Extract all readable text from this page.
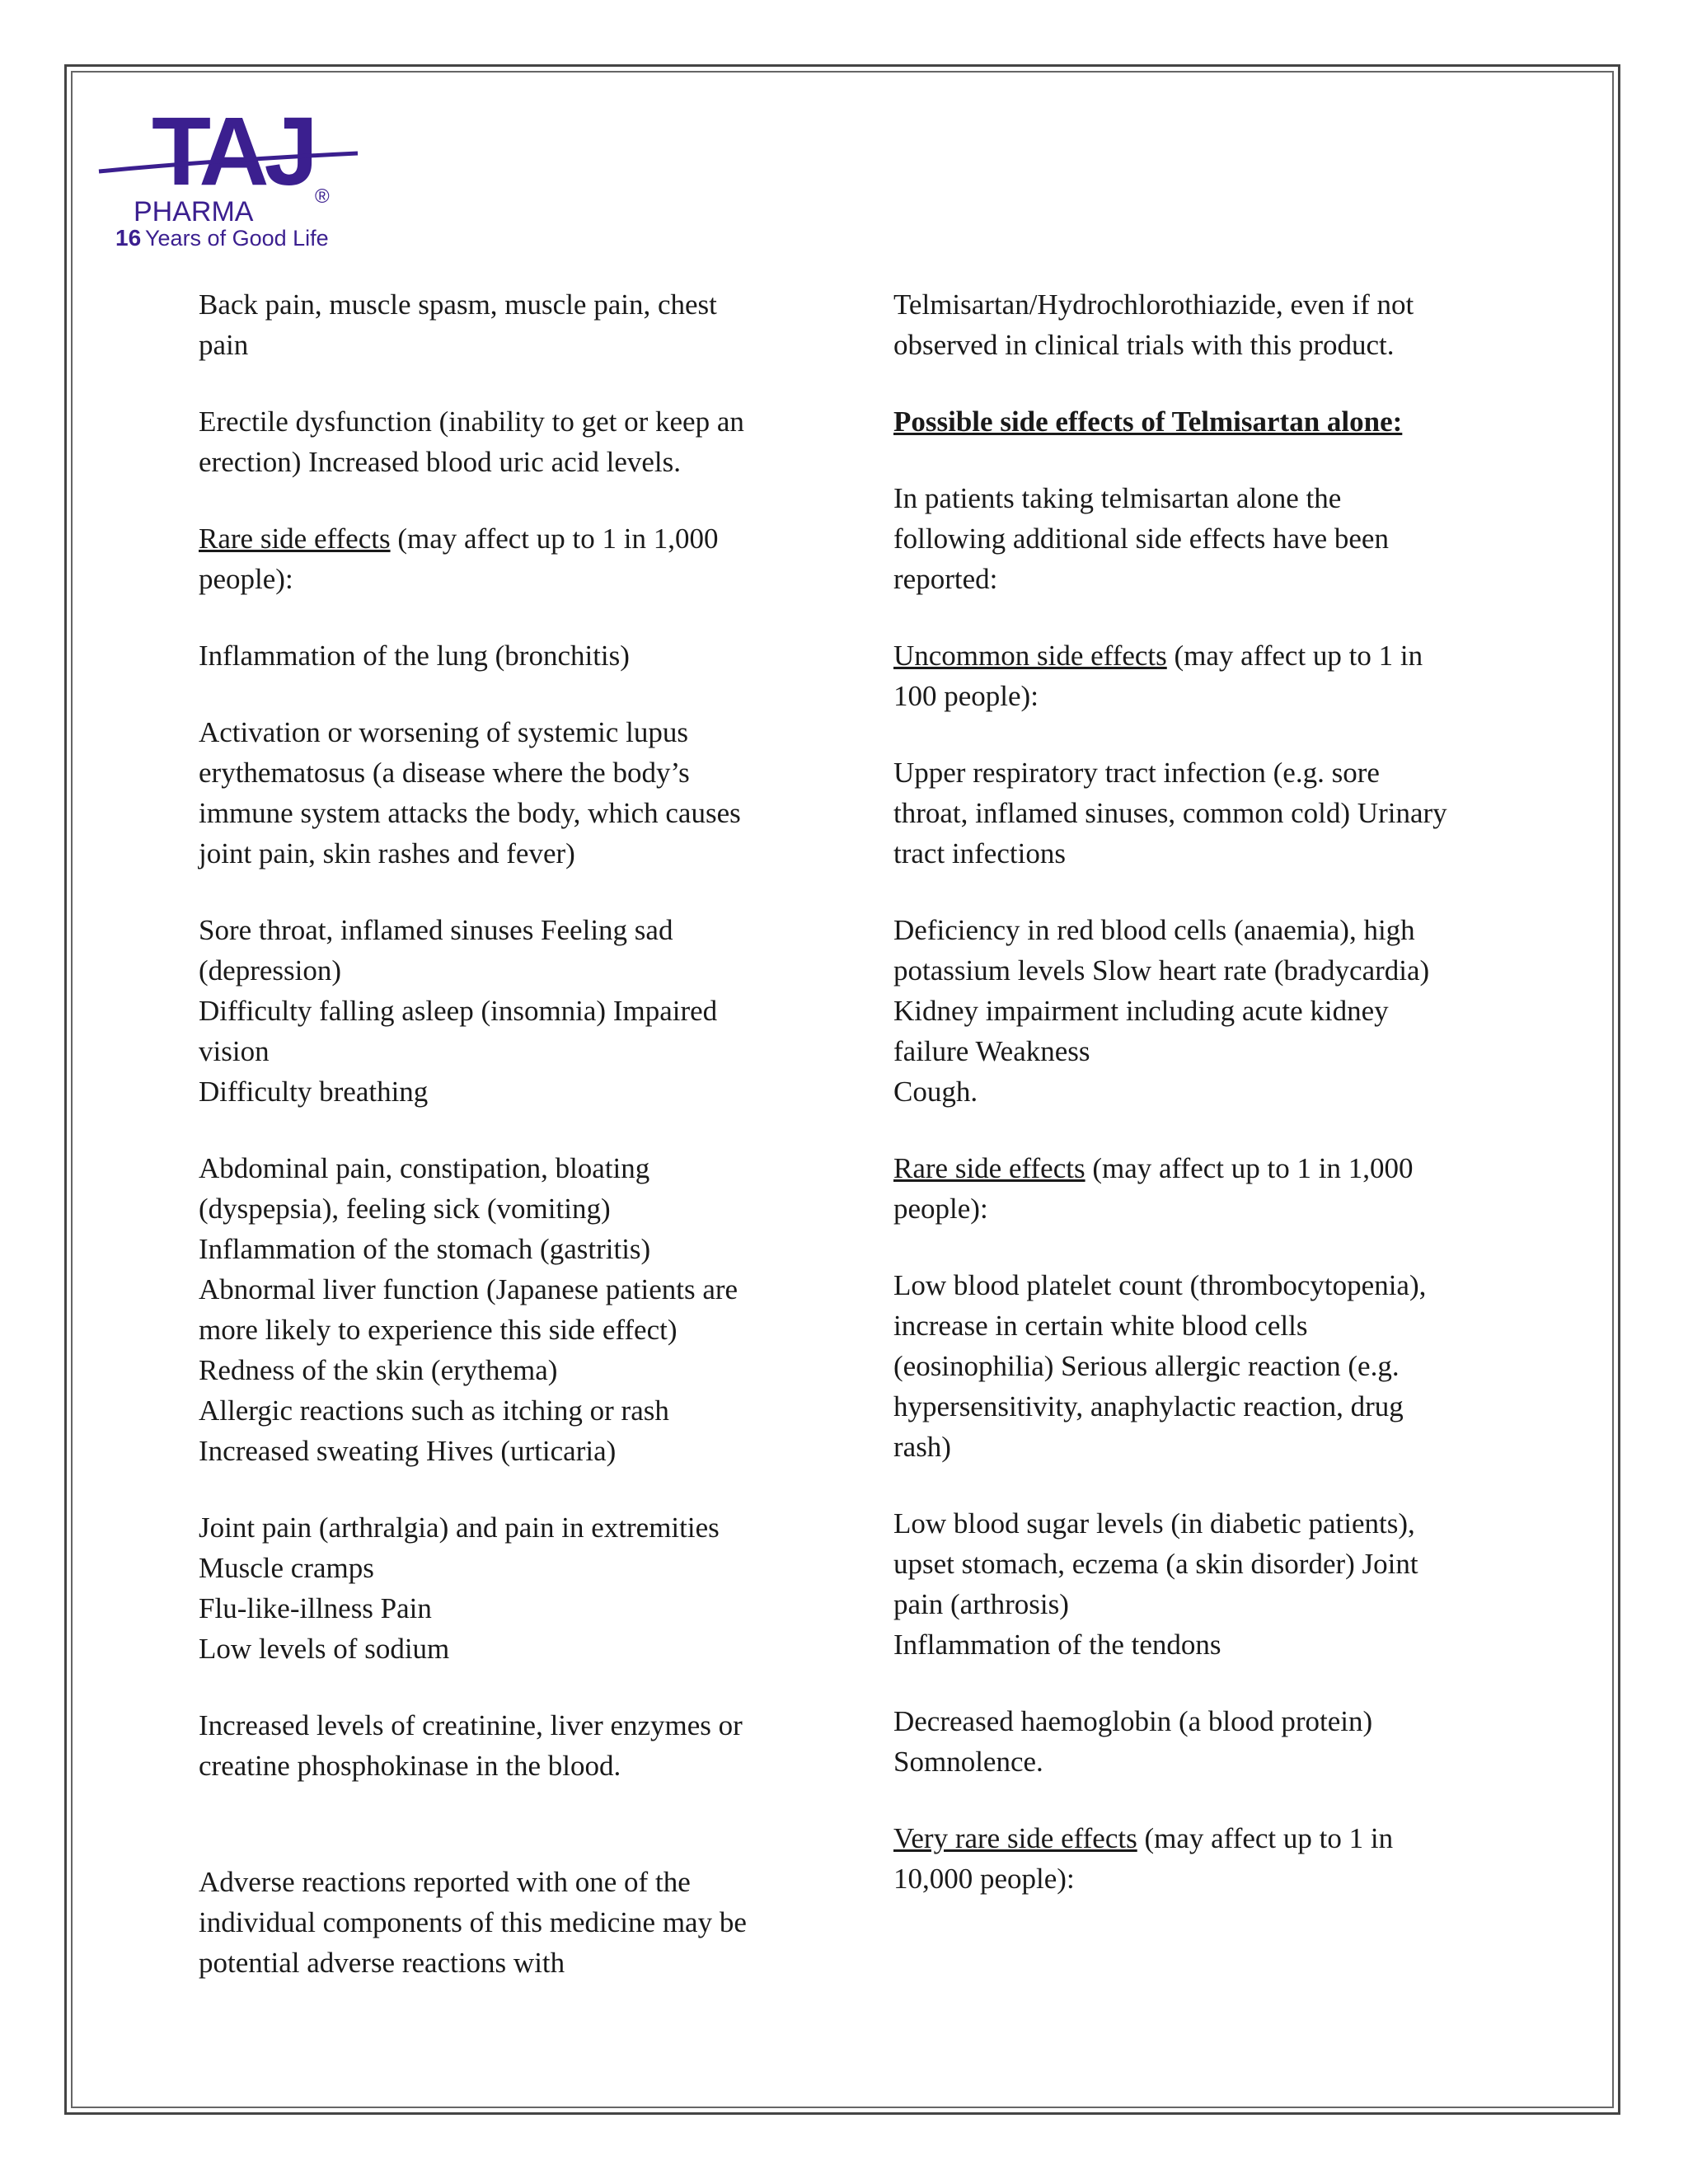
TAJ
PHARMA	®
16 Years of Good Life

Back pain, muscle spasm, muscle pain, chest
pain

Erectile dysfunction (inability to get or keep an
erection) Increased blood uric acid levels.

Rare side effects (may affect up to 1 in 1,000
people):

Inflammation of the lung (bronchitis)

Activation or worsening of systemic lupus
erythematosus (a disease where the body’s
immune system attacks the body, which causes
joint pain, skin rashes and fever)

Sore throat, inflamed sinuses Feeling sad
(depression)
Difficulty falling asleep (insomnia) Impaired
vision
Difficulty breathing

Abdominal pain, constipation, bloating
(dyspepsia), feeling sick (vomiting)
Inflammation of the stomach (gastritis)
Abnormal liver function (Japanese patients are
more likely to experience this side effect)
Redness of the skin (erythema)
Allergic reactions such as itching or rash
Increased sweating Hives (urticaria)

Joint pain (arthralgia) and pain in extremities
Muscle cramps
Flu-like-illness Pain
Low levels of sodium

Increased levels of creatinine, liver enzymes or
creatine phosphokinase in the blood.

Adverse reactions reported with one of the
individual components of this medicine may be
potential adverse reactions with

Telmisartan/Hydrochlorothiazide, even if not
observed in clinical trials with this product.

Possible side effects of Telmisartan alone:

In patients taking telmisartan alone the
following additional side effects have been
reported:

Uncommon side effects (may affect up to 1 in
100 people):

Upper respiratory tract infection (e.g. sore
throat, inflamed sinuses, common cold) Urinary
tract infections

Deficiency in red blood cells (anaemia), high
potassium levels Slow heart rate (bradycardia)
Kidney impairment including acute kidney
failure Weakness
Cough.

Rare side effects (may affect up to 1 in 1,000
people):

Low blood platelet count (thrombocytopenia),
increase in certain white blood cells
(eosinophilia) Serious allergic reaction (e.g.
hypersensitivity, anaphylactic reaction, drug
rash)

Low blood sugar levels (in diabetic patients),
upset stomach, eczema (a skin disorder) Joint
pain (arthrosis)
Inflammation of the tendons

Decreased haemoglobin (a blood protein)
Somnolence.

Very rare side effects (may affect up to 1 in
10,000 people):
